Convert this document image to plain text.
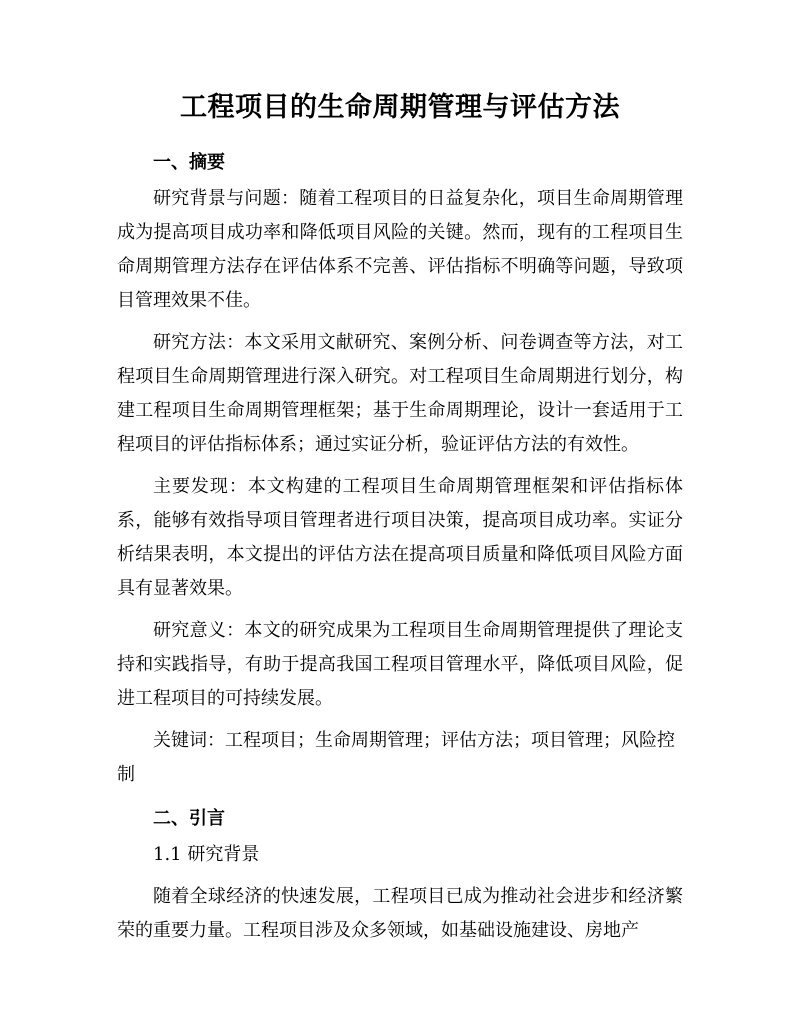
工程项目的生命周期管理与评估方法
一、摘要

研究背景与问题：随着工程项目的日益复杂化，项目生命周期管理成为提高项目成功率和降低项目风险的关键。然而，现有的工程项目生命周期管理方法存在评估体系不完善、评估指标不明确等问题，导致项目管理效果不佳。

研究方法：本文采用文献研究、案例分析、问卷调查等方法，对工程项目生命周期管理进行深入研究。对工程项目生命周期进行划分，构建工程项目生命周期管理框架；基于生命周期理论，设计一套适用于工程项目的评估指标体系；通过实证分析，验证评估方法的有效性。

主要发现：本文构建的工程项目生命周期管理框架和评估指标体系，能够有效指导项目管理者进行项目决策，提高项目成功率。实证分析结果表明，本文提出的评估方法在提高项目质量和降低项目风险方面具有显著效果。

研究意义：本文的研究成果为工程项目生命周期管理提供了理论支持和实践指导，有助于提高我国工程项目管理水平，降低项目风险，促进工程项目的可持续发展。

关键词：工程项目；生命周期管理；评估方法；项目管理；风险控制

二、引言

1.1 研究背景

随着全球经济的快速发展，工程项目已成为推动社会进步和经济繁荣的重要力量。工程项目涉及众多领域，如基础设施建设、房地产
